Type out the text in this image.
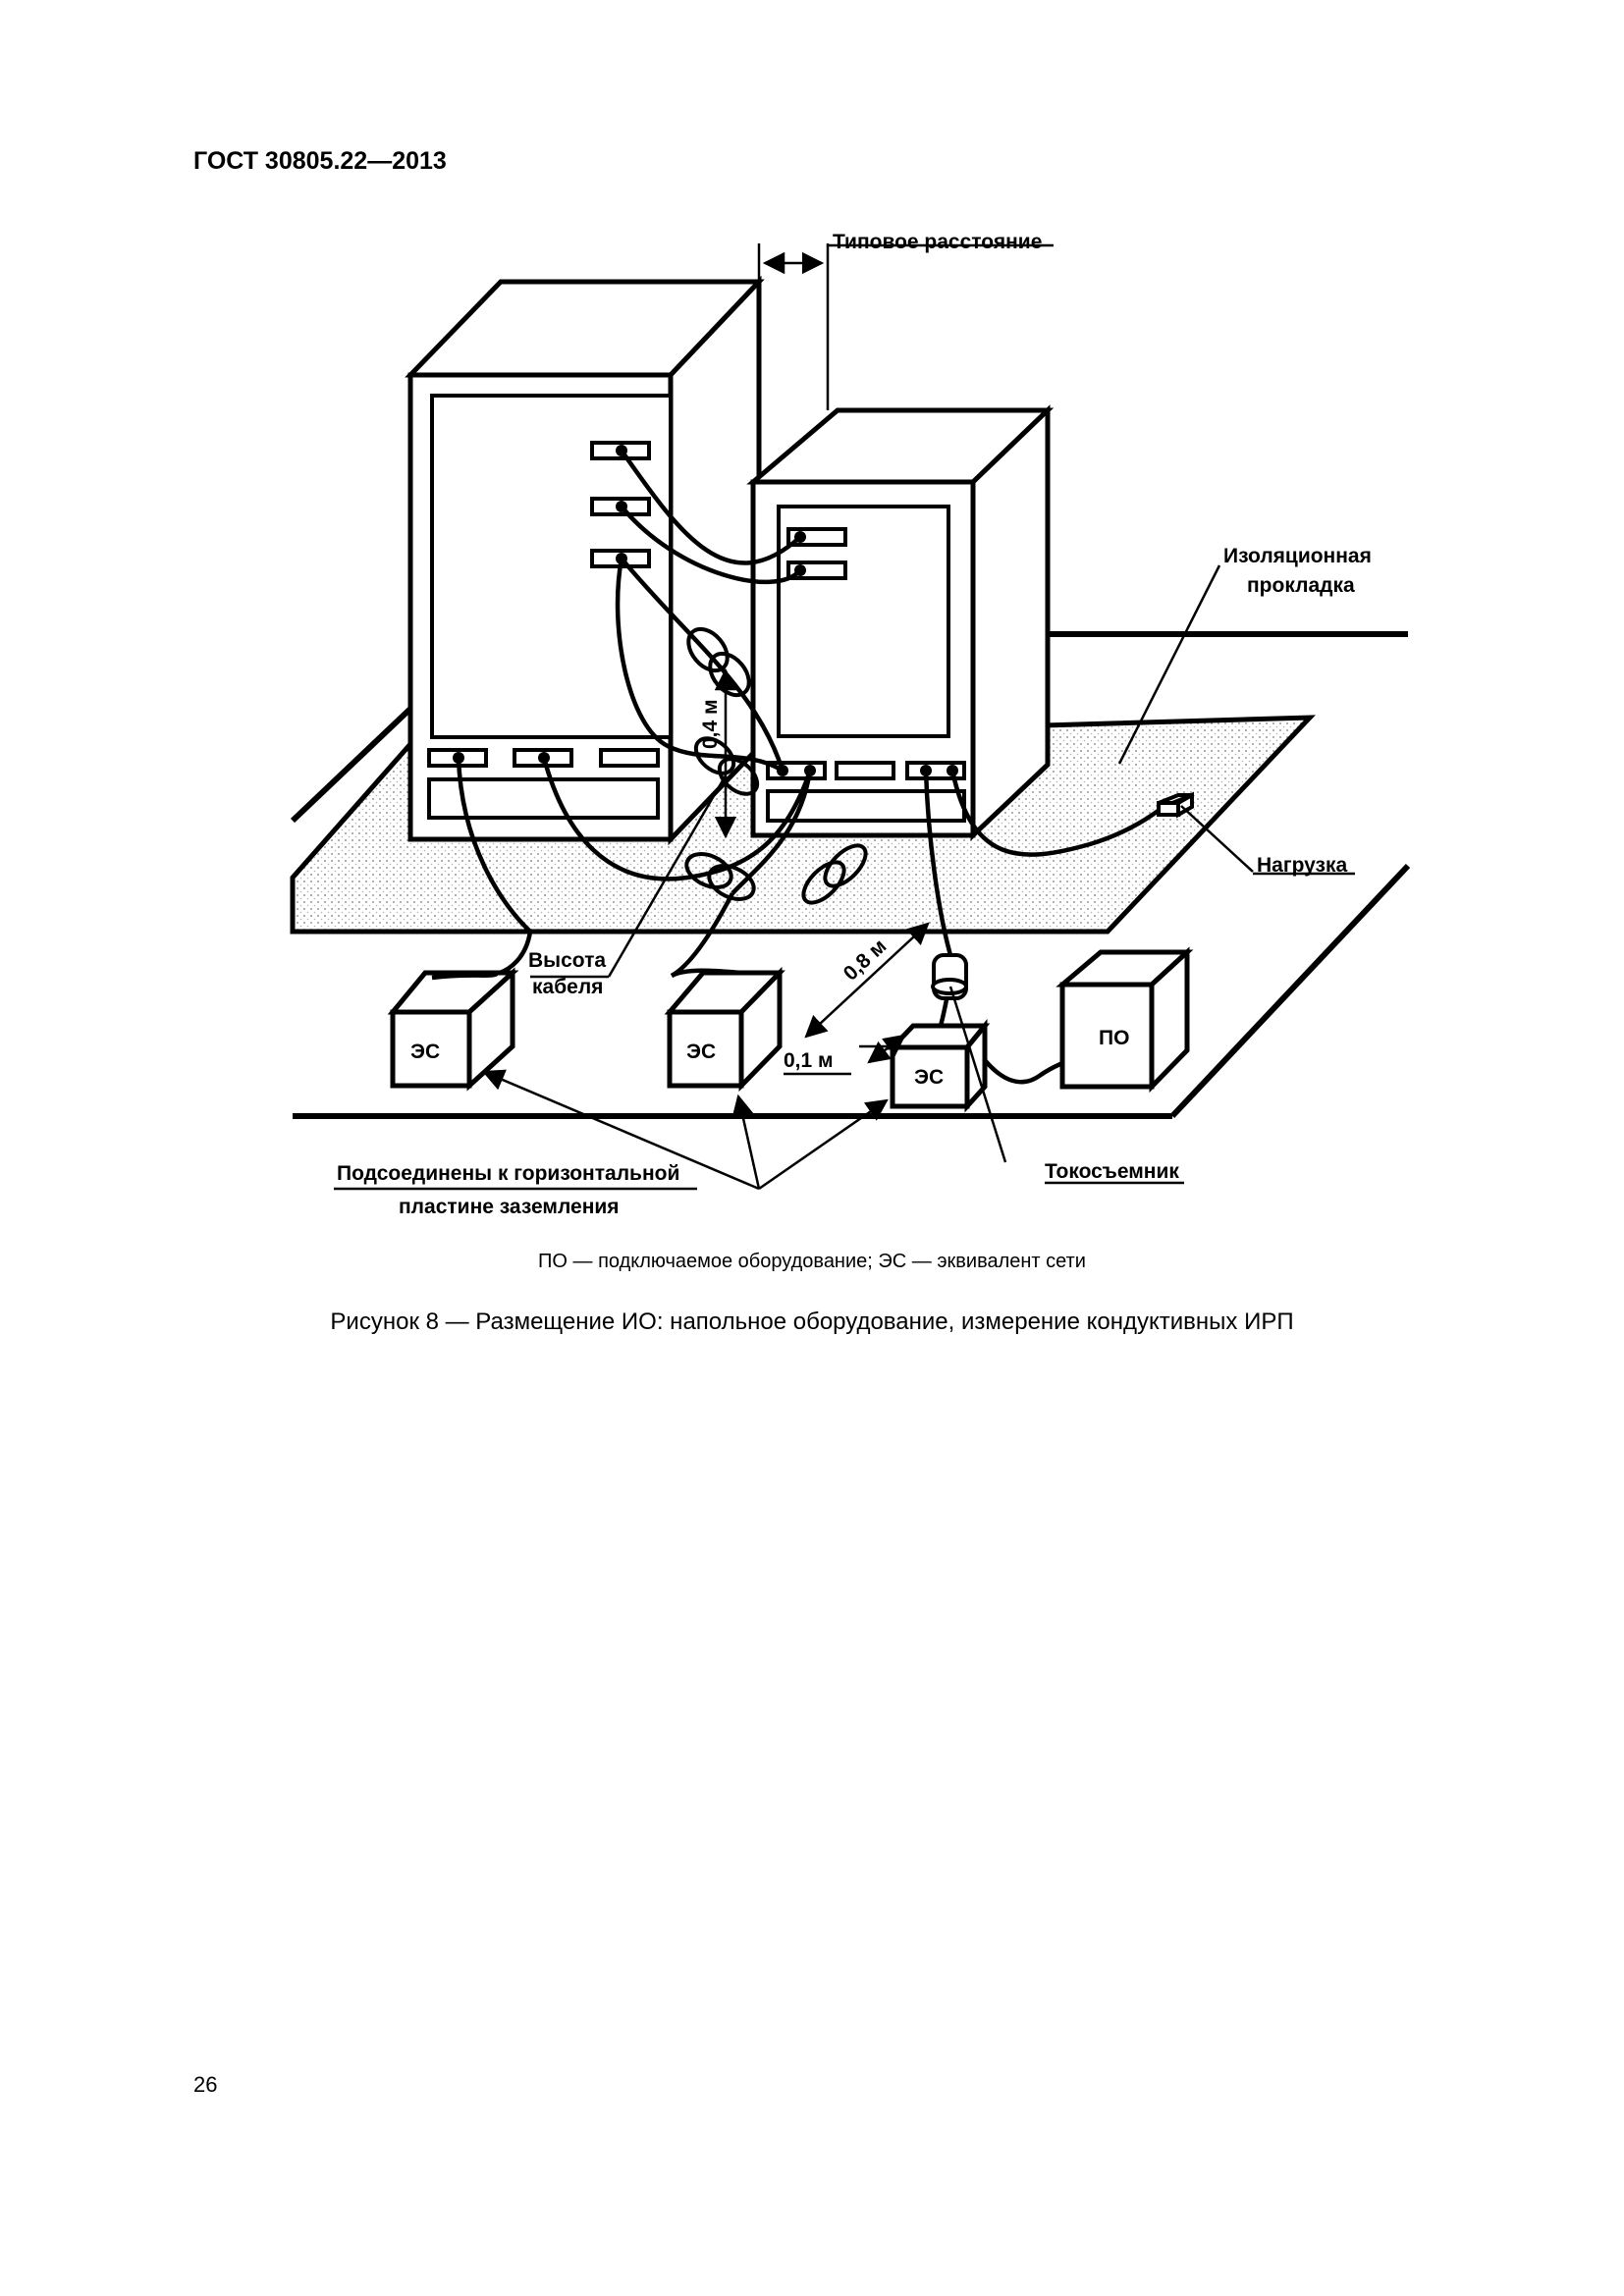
ГОСТ 30805.22—2013
Типовое расстояние
Изоляционная
прокладка
Нагрузка
Высота
кабеля
0,4 м
0,8 м
0,1 м
Токосъемник
Подсоединены к горизонтальной
пластине заземления
ЭС	ЭС
ЭС
ПО
ПО — подключаемое оборудование; ЭС — эквивалент сети
Рисунок 8 — Размещение ИО: напольное оборудование, измерение кондуктивных ИРП
26
